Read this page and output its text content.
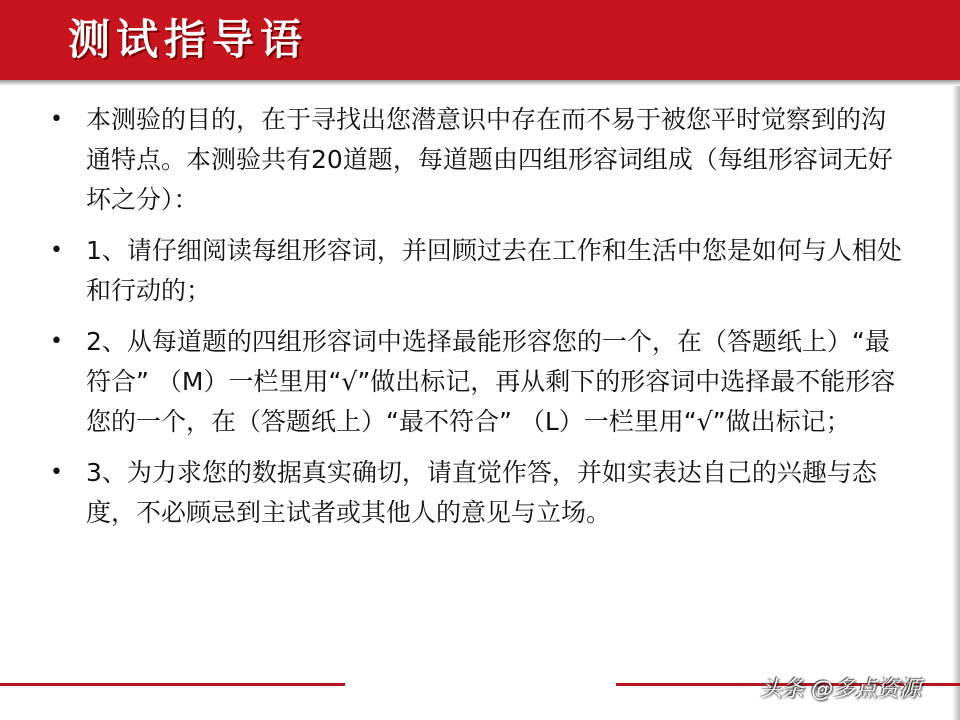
测试指导语
• 本测验的目的，在于寻找出您潜意识中存在而不易于被您平时觉察到的沟通特点。本测验共有20道题，每道题由四组形容词组成（每组形容词无好坏之分）：
• 1、请仔细阅读每组形容词，并回顾过去在工作和生活中您是如何与人相处和行动的；
• 2、从每道题的四组形容词中选择最能形容您的一个，在（答题纸上）“最符合” （M）一栏里用“√”做出标记，再从剩下的形容词中选择最不能形容您的一个，在（答题纸上）“最不符合” （L）一栏里用“√”做出标记；
• 3、为力求您的数据真实确切，请直觉作答，并如实表达自己的兴趣与态度，不必顾忌到主试者或其他人的意见与立场。
头条 @多点资源
